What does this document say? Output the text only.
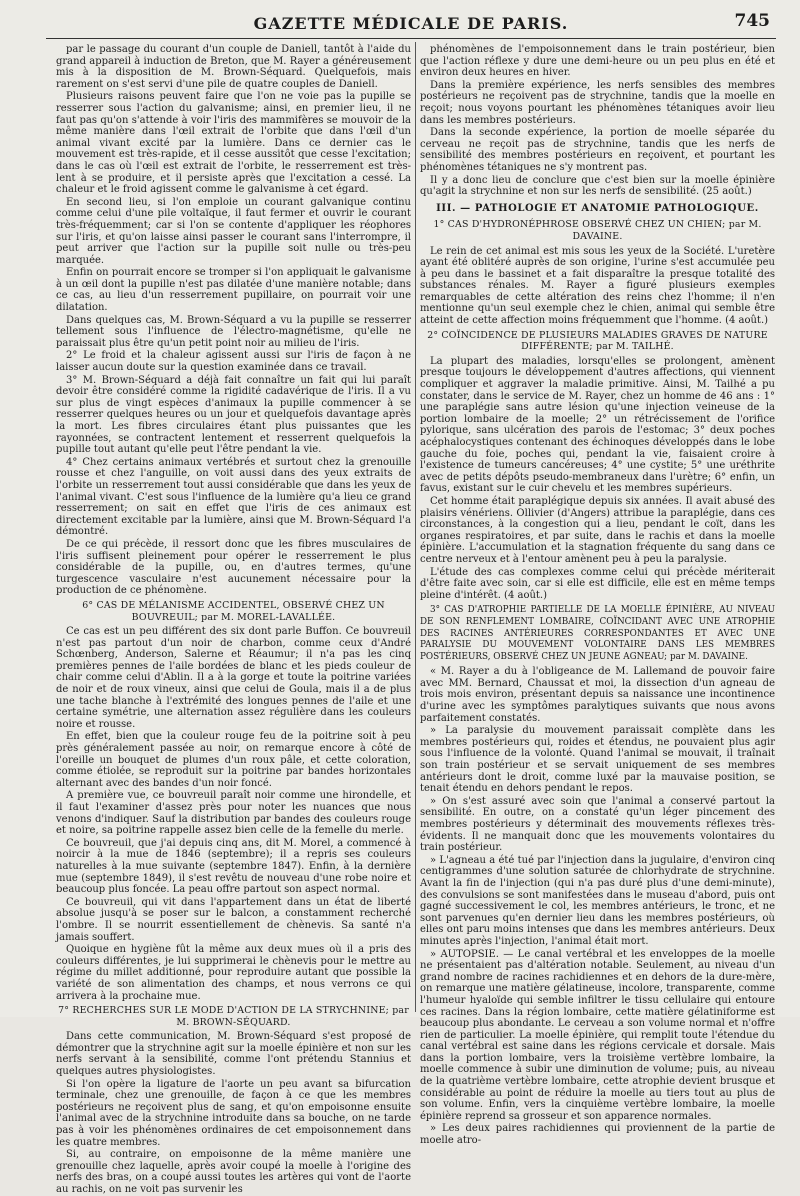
GAZETTE MÉDICALE DE PARIS.	745

par le passage du courant d'un couple de Daniell, tantôt à l'aide du grand appareil à induction de Breton, que M. Rayer a généreusement mis à la disposition de M. Brown-Séquard. Quelquefois, mais rarement on s'est servi d'une pile de quatre couples de Daniell.

Plusieurs raisons peuvent faire que l'on ne voie pas la pupille se resserrer sous l'action du galvanisme; ainsi, en premier lieu, il ne faut pas qu'on s'attende à voir l'iris des mammifères se mouvoir de la même manière dans l'œil extrait de l'orbite que dans l'œil d'un animal vivant excité par la lumière. Dans ce dernier cas le mouvement est très-rapide, et il cesse aussitôt que cesse l'excitation; dans le cas où l'œil est extrait de l'orbite, le resserrement est très-lent à se produire, et il persiste après que l'excitation a cessé. La chaleur et le froid agissent comme le galvanisme à cet égard.

En second lieu, si l'on emploie un courant galvanique continu comme celui d'une pile voltaïque, il faut fermer et ouvrir le courant très-fréquemment; car si l'on se contente d'appliquer les réophores sur l'iris, et qu'on laisse ainsi passer le courant sans l'interrompre, il peut arriver que l'action sur la pupille soit nulle ou très-peu marquée.

Enfin on pourrait encore se tromper si l'on appliquait le galvanisme à un œil dont la pupille n'est pas dilatée d'une manière notable; dans ce cas, au lieu d'un resserrement pupillaire, on pourrait voir une dilatation.

Dans quelques cas, M. Brown-Séquard a vu la pupille se resserrer tellement sous l'influence de l'électro-magnétisme, qu'elle ne paraissait plus être qu'un petit point noir au milieu de l'iris.

2° Le froid et la chaleur agissent aussi sur l'iris de façon à ne laisser aucun doute sur la question examinée dans ce travail.

3° M. Brown-Séquard a déjà fait connaître un fait qui lui paraît devoir être considéré comme la rigidité cadavérique de l'iris. Il a vu sur plus de vingt espèces d'animaux la pupille commencer à se resserrer quelques heures ou un jour et quelquefois davantage après la mort. Les fibres circulaires étant plus puissantes que les rayonnées, se contractent lentement et resserrent quelquefois la pupille tout autant qu'elle peut l'être pendant la vie.

4° Chez certains animaux vertébrés et surtout chez la grenouille rousse et chez l'anguille, on voit aussi dans des yeux extraits de l'orbite un resserrement tout aussi considérable que dans les yeux de l'animal vivant. C'est sous l'influence de la lumière qu'a lieu ce grand resserrement; on sait en effet que l'iris de ces animaux est directement excitable par la lumière, ainsi que M. Brown-Séquard l'a démontré.

De ce qui précède, il ressort donc que les fibres musculaires de l'iris suffisent pleinement pour opérer le resserrement le plus considérable de la pupille, ou, en d'autres termes, qu'une turgescence vasculaire n'est aucunement nécessaire pour la production de ce phénomène.

6° CAS DE MÉLANISME ACCIDENTEL, OBSERVÉ CHEZ UN BOUVREUIL; par M. MOREL-LAVALLÉE.

Ce cas est un peu différent des six dont parle Buffon. Ce bouvreuil n'est pas partout d'un noir de charbon, comme ceux d'André Schœnberg, Anderson, Salerne et Réaumur; il n'a pas les cinq premières pennes de l'aile bordées de blanc et les pieds couleur de chair comme celui d'Ablin. Il a à la gorge et toute la poitrine variées de noir et de roux vineux, ainsi que celui de Goula, mais il a de plus une tache blanche à l'extrémité des longues pennes de l'aile et une certaine symétrie, une alternation assez régulière dans les couleurs noire et rousse.

En effet, bien que la couleur rouge feu de la poitrine soit à peu près généralement passée au noir, on remarque encore à côté de l'oreille un bouquet de plumes d'un roux pâle, et cette coloration, comme étiolée, se reproduit sur la poitrine par bandes horizontales alternant avec des bandes d'un noir foncé.

A première vue, ce bouvreuil paraît noir comme une hirondelle, et il faut l'examiner d'assez près pour noter les nuances que nous venons d'indiquer. Sauf la distribution par bandes des couleurs rouge et noire, sa poitrine rappelle assez bien celle de la femelle du merle.

Ce bouvreuil, que j'ai depuis cinq ans, dit M. Morel, a commencé à noircir à la mue de 1846 (septembre); il a repris ses couleurs naturelles à la mue suivante (septembre 1847). Enfin, à la dernière mue (septembre 1849), il s'est revêtu de nouveau d'une robe noire et beaucoup plus foncée. La peau offre partout son aspect normal.

Ce bouvreuil, qui vit dans l'appartement dans un état de liberté absolue jusqu'à se poser sur le balcon, a constamment recherché l'ombre. Il se nourrit essentiellement de chènevis. Sa santé n'a jamais souffert.

Quoique en hygiène fût la même aux deux mues où il a pris des couleurs différentes, je lui supprimerai le chènevis pour le mettre au régime du millet additionné, pour reproduire autant que possible la variété de son alimentation des champs, et nous verrons ce qui arrivera à la prochaine mue.

7° RECHERCHES SUR LE MODE D'ACTION DE LA STRYCHNINE; par M. BROWN-SÉQUARD.

Dans cette communication, M. Brown-Séquard s'est proposé de démontrer que la strychnine agit sur la moelle épinière et non sur les nerfs servant à la sensibilité, comme l'ont prétendu Stannius et quelques autres physiologistes.

Si l'on opère la ligature de l'aorte un peu avant sa bifurcation terminale, chez une grenouille, de façon à ce que les membres postérieurs ne reçoivent plus de sang, et qu'on empoisonne ensuite l'animal avec de la strychnine introduite dans sa bouche, on ne tarde pas à voir les phénomènes ordinaires de cet empoisonnement dans les quatre membres.

Si, au contraire, on empoisonne de la même manière une grenouille chez laquelle, après avoir coupé la moelle à l'origine des nerfs des bras, on a coupé aussi toutes les artères qui vont de l'aorte au rachis, on ne voit pas survenir les

phénomènes de l'empoisonnement dans le train postérieur, bien que l'action réflexe y dure une demi-heure ou un peu plus en été et environ deux heures en hiver.

Dans la première expérience, les nerfs sensibles des membres postérieurs ne reçoivent pas de strychnine, tandis que la moelle en reçoit; nous voyons pourtant les phénomènes tétaniques avoir lieu dans les membres postérieurs.

Dans la seconde expérience, la portion de moelle séparée du cerveau ne reçoit pas de strychnine, tandis que les nerfs de sensibilité des membres postérieurs en reçoivent, et pourtant les phénomènes tétaniques ne s'y montrent pas.

Il y a donc lieu de conclure que c'est bien sur la moelle épinière qu'agit la strychnine et non sur les nerfs de sensibilité. (25 août.)

III. — PATHOLOGIE ET ANATOMIE PATHOLOGIQUE.
1° CAS D'HYDRONÉPHROSE OBSERVÉ CHEZ UN CHIEN; par M. DAVAINE.

Le rein de cet animal est mis sous les yeux de la Société. L'uretère ayant été oblitéré auprès de son origine, l'urine s'est accumulée peu à peu dans le bassinet et a fait disparaître la presque totalité des substances rénales. M. Rayer a figuré plusieurs exemples remarquables de cette altération des reins chez l'homme; il n'en mentionne qu'un seul exemple chez le chien, animal qui semble être atteint de cette affection moins fréquemment que l'homme. (4 août.)

2° COÏNCIDENCE DE PLUSIEURS MALADIES GRAVES DE NATURE DIFFÉRENTE; par M. TAILHÉ.

La plupart des maladies, lorsqu'elles se prolongent, amènent presque toujours le développement d'autres affections, qui viennent compliquer et aggraver la maladie primitive. Ainsi, M. Tailhé a pu constater, dans le service de M. Rayer, chez un homme de 46 ans : 1° une paraplégie sans autre lésion qu'une injection veineuse de la portion lombaire de la moelle; 2° un rétrécissement de l'orifice pylorique, sans ulcération des parois de l'estomac; 3° deux poches acéphalocystiques contenant des échinoques développés dans le lobe gauche du foie, poches qui, pendant la vie, faisaient croire à l'existence de tumeurs cancéreuses; 4° une cystite; 5° une uréthrite avec de petits dépôts pseudo-membraneux dans l'urètre; 6° enfin, un favus, existant sur le cuir chevelu et les membres supérieurs.

Cet homme était paraplégique depuis six années. Il avait abusé des plaisirs vénériens. Ollivier (d'Angers) attribue la paraplégie, dans ces circonstances, à la congestion qui a lieu, pendant le coït, dans les organes respiratoires, et par suite, dans le rachis et dans la moelle épinière. L'accumulation et la stagnation fréquente du sang dans ce centre nerveux et à l'entour amènent peu à peu la paralysie.

L'étude des cas complexes comme celui qui précède mériterait d'être faite avec soin, car si elle est difficile, elle est en même temps pleine d'intérêt. (4 août.)

3° CAS D'ATROPHIE PARTIELLE DE LA MOELLE ÉPINIÈRE, AU NIVEAU DE SON RENFLEMENT LOMBAIRE, COÏNCIDANT AVEC UNE ATROPHIE DES RACINES ANTÉRIEURES CORRESPONDANTES ET AVEC UNE PARALYSIE DU MOUVEMENT VOLONTAIRE DANS LES MEMBRES POSTÉRIEURS, OBSERVÉ CHEZ UN JEUNE AGNEAU; par M. DAVAINE.

« M. Rayer a du à l'obligeance de M. Lallemand de pouvoir faire avec MM. Bernard, Chaussat et moi, la dissection d'un agneau de trois mois environ, présentant depuis sa naissance une incontinence d'urine avec les symptômes paralytiques suivants que nous avons parfaitement constatés.

» La paralysie du mouvement paraissait complète dans les membres postérieurs qui, roides et étendus, ne pouvaient plus agir sous l'influence de la volonté. Quand l'animal se mouvait, il traînait son train postérieur et se servait uniquement de ses membres antérieurs dont le droit, comme luxé par la mauvaise position, se tenait étendu en dehors pendant le repos.

» On s'est assuré avec soin que l'animal a conservé partout la sensibilité. En outre, on a constaté qu'un léger pincement des membres postérieurs y déterminait des mouvements réflexes très-évidents. Il ne manquait donc que les mouvements volontaires du train postérieur.

» L'agneau a été tué par l'injection dans la jugulaire, d'environ cinq centigrammes d'une solution saturée de chlorhydrate de strychnine. Avant la fin de l'injection (qui n'a pas duré plus d'une demi-minute), des convulsions se sont manifestées dans le museau d'abord, puis ont gagné successivement le col, les membres antérieurs, le tronc, et ne sont parvenues qu'en dernier lieu dans les membres postérieurs, où elles ont paru moins intenses que dans les membres antérieurs. Deux minutes après l'injection, l'animal était mort.

» AUTOPSIE. — Le canal vertébral et les enveloppes de la moelle ne présentaient pas d'altération notable. Seulement, au niveau d'un grand nombre de racines rachidiennes et en dehors de la dure-mère, on remarque une matière gélatineuse, incolore, transparente, comme l'humeur hyaloïde qui semble infiltrer le tissu cellulaire qui entoure ces racines. Dans la région lombaire, cette matière gélatiniforme est beaucoup plus abondante. Le cerveau a son volume normal et n'offre rien de particulier. La moelle épinière, qui remplit toute l'étendue du canal vertébral est saine dans les régions cervicale et dorsale. Mais dans la portion lombaire, vers la troisième vertèbre lombaire, la moelle commence à subir une diminution de volume; puis, au niveau de la quatrième vertèbre lombaire, cette atrophie devient brusque et considérable au point de réduire la moelle au tiers tout au plus de son volume. Enfin, vers la cinquième vertèbre lombaire, la moelle épinière reprend sa grosseur et son apparence normales.

» Les deux paires rachidiennes qui proviennent de la partie de moelle atro-
